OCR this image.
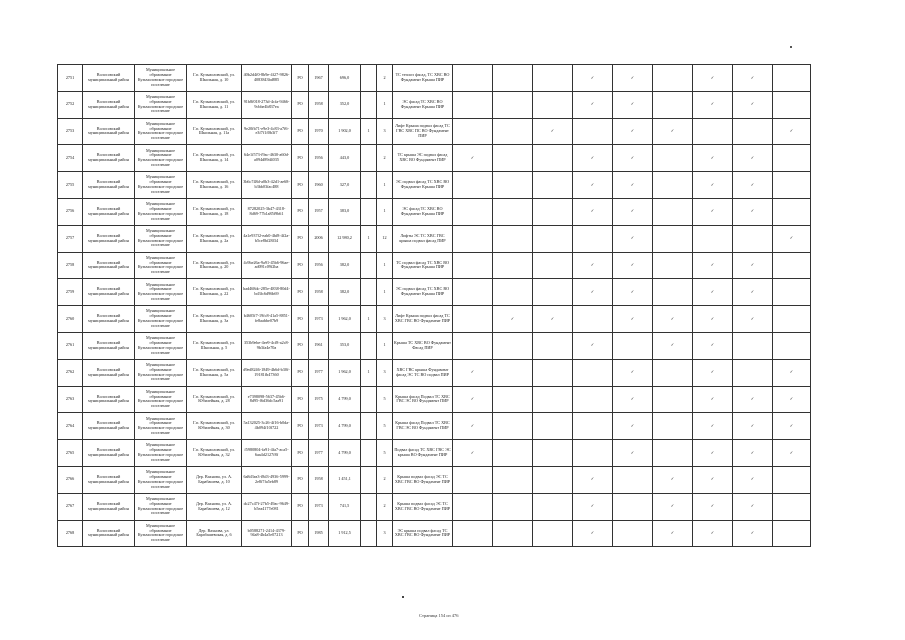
2751	Волосовский муниципальный район	Муниципальное образование Кузьмоловское городское поселение	Г.п. Кузьмоловский, ул. Школьная, д. 10	40b2d4f0-8b9e-4f27-9826-4083843bd885	PO	1967	696,0		2	ТС теплоэ фасад, ТС ХВС ВО Фундамент Крыша ПИР				✓	✓		✓	✓	
2752	Волосовский муниципальный район	Муниципальное образование Кузьмоловское городское поселение	Г.п. Кузьмоловский, ул. Школьная, д. 11	91b8f018-273d-4cfa-9466-9cbbe4b837ea	PO	1958	352,0		1	ЭС фасад ТС ХВС ВО Фундамент Крыша ПИР				✓	✓		✓	✓	
2753	Волосовский муниципальный район	Муниципальное образование Кузьмоловское городское поселение	Г.п. Кузьмоловский, ул. Школьная, д. 11а	9e20fb71-e9e3-4c83-a7f6-e3f7f1f0b3f7	PO	1970	1 902,0	1	3	Лифт Крыша подвал фасад ТС ГВС ХВС ПС ВО Фундамент ПИР			✓		✓	✓			✓
2754	Волосовский муниципальный район	Муниципальное образование Кузьмоловское городское поселение	Г.п. Кузьмоловский, ул. Школьная, д. 14	64e1f573-f9ac-4630-a60d-a094d89d4035	PO	1956	443,0		2	ТС крыша ЭС подвал фасад ХВС ВО Фундамент ПИР	✓			✓	✓		✓	✓	
2755	Волосовский муниципальный район	Муниципальное образование Кузьмоловское городское поселение	Г.п. Кузьмоловский, ул. Школьная, д. 16	3b6c748d-a0b3-42d1-ae68-b3bb03fac488	PO	1960	327,0		1	ЭС подвал фасад ТС ХВС ВО Фундамент Крыша ПИР				✓	✓		✓	✓	
2756	Волосовский муниципальный район	Муниципальное образование Кузьмоловское городское поселение	Г.п. Кузьмоловский, ул. Школьная, д. 18	87282025-3b47-4318-8d69-77b1a85f9b61	PO	1957	383,0		1	ЭС фасад ТС ХВС ВО Фундамент Крыша ПИР				✓	✓		✓	✓	
2757	Волосовский муниципальный район	Муниципальное образование Кузьмоловское городское поселение	Г.п. Кузьмоловский, ул. Школьная, д. 2а	4a1e937f2-eab0-4bf8-4f2a-b5ce8bf28f34	PO	2006	12 980,2	1	12	Лифты ЭС ТС ХВС ГВС крыша подвал фасад ПИР					✓				✓
2758	Волосовский муниципальный район	Муниципальное образование Кузьмоловское городское поселение	Г.п. Кузьмоловский, ул. Школьная, д. 20	4c9be26a-9a91-45b6-96ae-ad091c09f2ba	PO	1956	382,0		1	ТС подвал фасад ТС ХВС ВО Фундамент Крыша ПИР				✓	✓		✓	✓	
2759	Волосовский муниципальный район	Муниципальное образование Кузьмоловское городское поселение	Г.п. Кузьмоловский, ул. Школьная, д. 22	bad468dc-285e-4838-80d4-bd3fc6d96b69	PO	1958	382,0		1	ЭС подвал фасад ТС ХВС ВО Фундамент Крыша ПИР				✓	✓		✓	✓	
2760	Волосовский муниципальный район	Муниципальное образование Кузьмоловское городское поселение	Г.п. Кузьмоловский, ул. Школьная, д. 3а	b4605f7-19fc8-41a5-8851-fe8aabbe07b9	PO	1973	1 962,0	1	3	Лифт Крыша подвал фасад ТС ХВС ГВС ВО Фундамент ПИР		✓	✓		✓	✓	✓	✓	
2761	Волосовский муниципальный район	Муниципальное образование Кузьмоловское городское поселение	Г.п. Кузьмоловский, ул. Школьная, д. 5	353b9ebe-4ee9-4cf8-a2c8-9b3fa4e70a	PO	1961	353,0		1	Крыша ТС ХВС ВО Фундамент Фасад ПИР				✓		✓	✓		
2762	Волосовский муниципальный район	Муниципальное образование Кузьмоловское городское поселение	Г.п. Кузьмоловский, ул. Школьная, д. 5а	d9ed8246-1849-4b6d-b30f-19181fb47360	PO	1977	1 962,0	1	3	ХВС ГВС крыша Фундамент фасад ЭС ТС ВО подвал ПИР	✓				✓		✓		✓
2763	Волосовский муниципальный район	Муниципальное образование Кузьмоловское городское поселение	Г.п. Кузьмоловский, ул. Юбилейная, д. 28	e7398098-5637-45b6-8d95-f6d36dc5aa91	PO	1975	4 799,0		5	Крыша фасад Подвал ТС ХВС ГВС ЭС ВО Фундамент ПИР	✓				✓		✓	✓	✓
2764	Волосовский муниципальный район	Муниципальное образование Кузьмоловское городское поселение	Г.п. Кузьмоловский, ул. Юбилейная, д. 30	5a132025-3c26-4f16-b0da-4b094f10f722	PO	1973	4 799,0		5	Крыша фасад Подвал ТС ХВС ГВС ЭС ВО Фундамент ПИР	✓				✓		✓	✓	✓
2765	Волосовский муниципальный район	Муниципальное образование Кузьмоловское городское поселение	Г.п. Кузьмоловский, ул. Юбилейная, д. 32	f5980804-fa91-4fa7-aca5-6aa4d2127f8f	PO	1977	4 799,0		5	Подвал фасад ТС ХВС ГВС ЭС крыша ВО Фундамент ПИР	✓				✓		✓	✓	✓
2766	Волосовский муниципальный район	Муниципальное образование Кузьмоловское городское поселение	Дер. Вахнова, ул. А. Барабашева, д. 10	6a8d3ea3-f8d3-4936-5999-2e8f7fa5eb89	PO	1958	1 451,1		2	Крыша подвал фасад ЭС ТС ХВС ГВС ВО Фундамент ПИР				✓		✓	✓	✓	
2767	Волосовский муниципальный район	Муниципальное образование Кузьмоловское городское поселение	Дер. Вахнова, ул. А. Барабашева, д. 12	dc27c47f-27b5-49ac-9649-b5ea4177e081	PO	1973	741,5		2	Крыша подвал фасад ЭС ТС ХВС ГВС ВО Фундамент ПИР				✓		✓	✓	✓	
2768	Волосовский муниципальный район	Муниципальное образование Кузьмоловское городское поселение	Дер. Вахнова, ул. Барабашевская, д. 6	b0588271-2414-4379-94a8-4b4a5e07213	PO	1985	1 912,5		3	ЭС крыша подвал фасад ТС ХВС ГВС ВО Фундамент ПИР				✓		✓	✓	✓	
Страница 154 из 476
